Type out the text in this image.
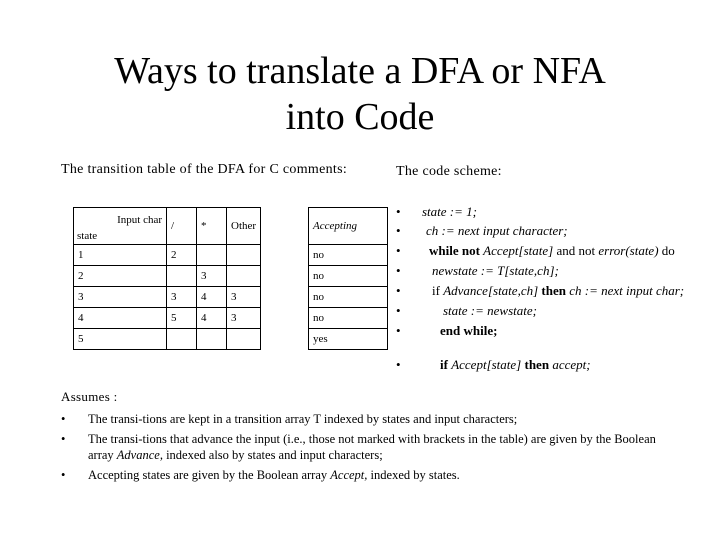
Ways to translate a DFA or NFA
into Code
The transition table of the DFA for C comments:	The code scheme:
Input char
state	/	*	Other		Accepting
1	2				no
2		3			no
3	3	4	3		no
4	5	4	3		no
5					yes
•	state := 1;
•	ch := next input character;
•	while not Accept[state] and not error(state) do
•	newstate := T[state,ch];
•	if Advance[state,ch] then ch := next input char;
•	state := newstate;
•	end while;
•	if Accept[state] then accept;
Assumes :
• The transi-tions are kept in a transition array T indexed by states and input characters;
• The transi-tions that advance the input (i.e., those not marked with brackets in the table) are given by the Boolean array Advance, indexed also by states and input characters;
• Accepting states are given by the Boolean array Accept, indexed by states.
